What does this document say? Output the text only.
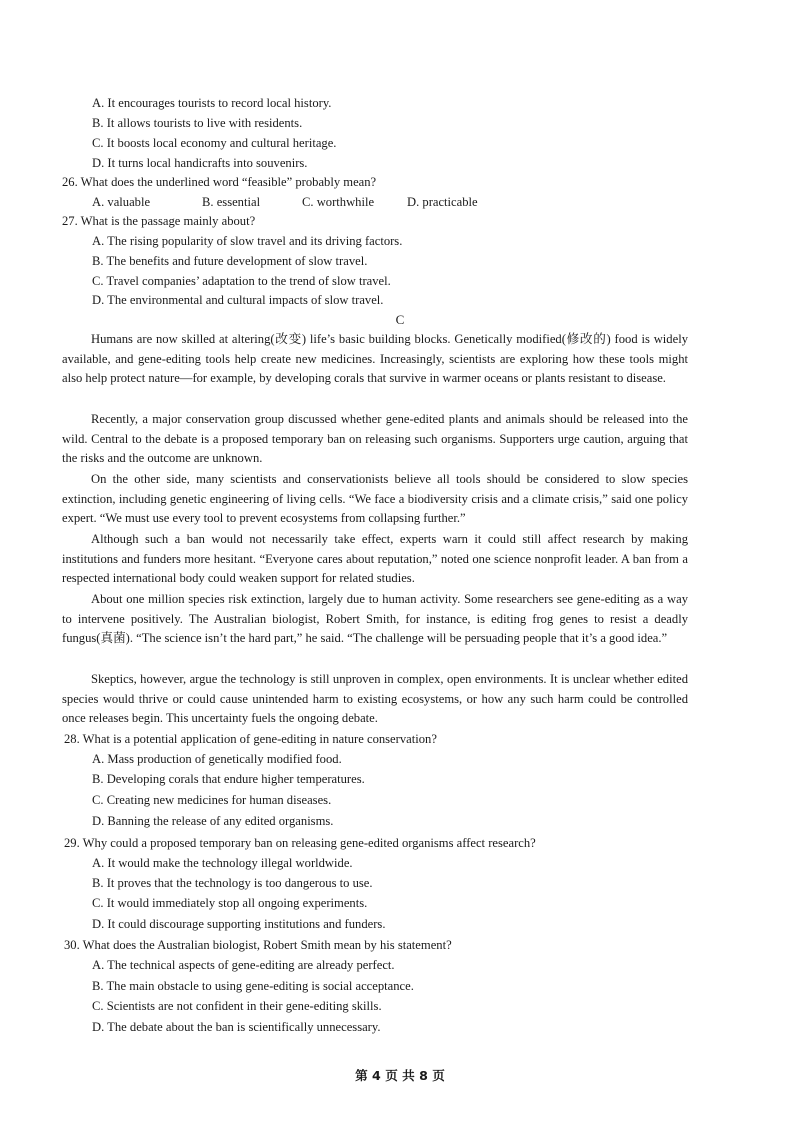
A. It encourages tourists to record local history.
B. It allows tourists to live with residents.
C. It boosts local economy and cultural heritage.
D. It turns local handicrafts into souvenirs.
26. What does the underlined word “feasible” probably mean?
A. valuable	B. essential	C. worthwhile	D. practicable
27. What is the passage mainly about?
A. The rising popularity of slow travel and its driving factors.
B. The benefits and future development of slow travel.
C. Travel companies’ adaptation to the trend of slow travel.
D. The environmental and cultural impacts of slow travel.
C
Humans are now skilled at altering(改变) life’s basic building blocks. Genetically modified(修改的) food is widely available, and gene-editing tools help create new medicines. Increasingly, scientists are exploring how these tools might also help protect nature—for example, by developing corals that survive in warmer oceans or plants resistant to disease.
Recently, a major conservation group discussed whether gene-edited plants and animals should be released into the wild. Central to the debate is a proposed temporary ban on releasing such organisms. Supporters urge caution, arguing that the risks and the outcome are unknown.
On the other side, many scientists and conservationists believe all tools should be considered to slow species extinction, including genetic engineering of living cells. “We face a biodiversity crisis and a climate crisis,” said one policy expert. “We must use every tool to prevent ecosystems from collapsing further.”
Although such a ban would not necessarily take effect, experts warn it could still affect research by making institutions and funders more hesitant. “Everyone cares about reputation,” noted one science nonprofit leader. A ban from a respected international body could weaken support for related studies.
About one million species risk extinction, largely due to human activity. Some researchers see gene-editing as a way to intervene positively. The Australian biologist, Robert Smith, for instance, is editing frog genes to resist a deadly fungus(真菌). “The science isn’t the hard part,” he said. “The challenge will be persuading people that it’s a good idea.”
Skeptics, however, argue the technology is still unproven in complex, open environments. It is unclear whether edited species would thrive or could cause unintended harm to existing ecosystems, or how any such harm could be controlled once releases begin. This uncertainty fuels the ongoing debate.
28. What is a potential application of gene-editing in nature conservation?
A. Mass production of genetically modified food.
B. Developing corals that endure higher temperatures.
C. Creating new medicines for human diseases.
D. Banning the release of any edited organisms.
29. Why could a proposed temporary ban on releasing gene-edited organisms affect research?
A. It would make the technology illegal worldwide.
B. It proves that the technology is too dangerous to use.
C. It would immediately stop all ongoing experiments.
D. It could discourage supporting institutions and funders.
30. What does the Australian biologist, Robert Smith mean by his statement?
A. The technical aspects of gene-editing are already perfect.
B. The main obstacle to using gene-editing is social acceptance.
C. Scientists are not confident in their gene-editing skills.
D. The debate about the ban is scientifically unnecessary.
第 4 页 共 8 页
